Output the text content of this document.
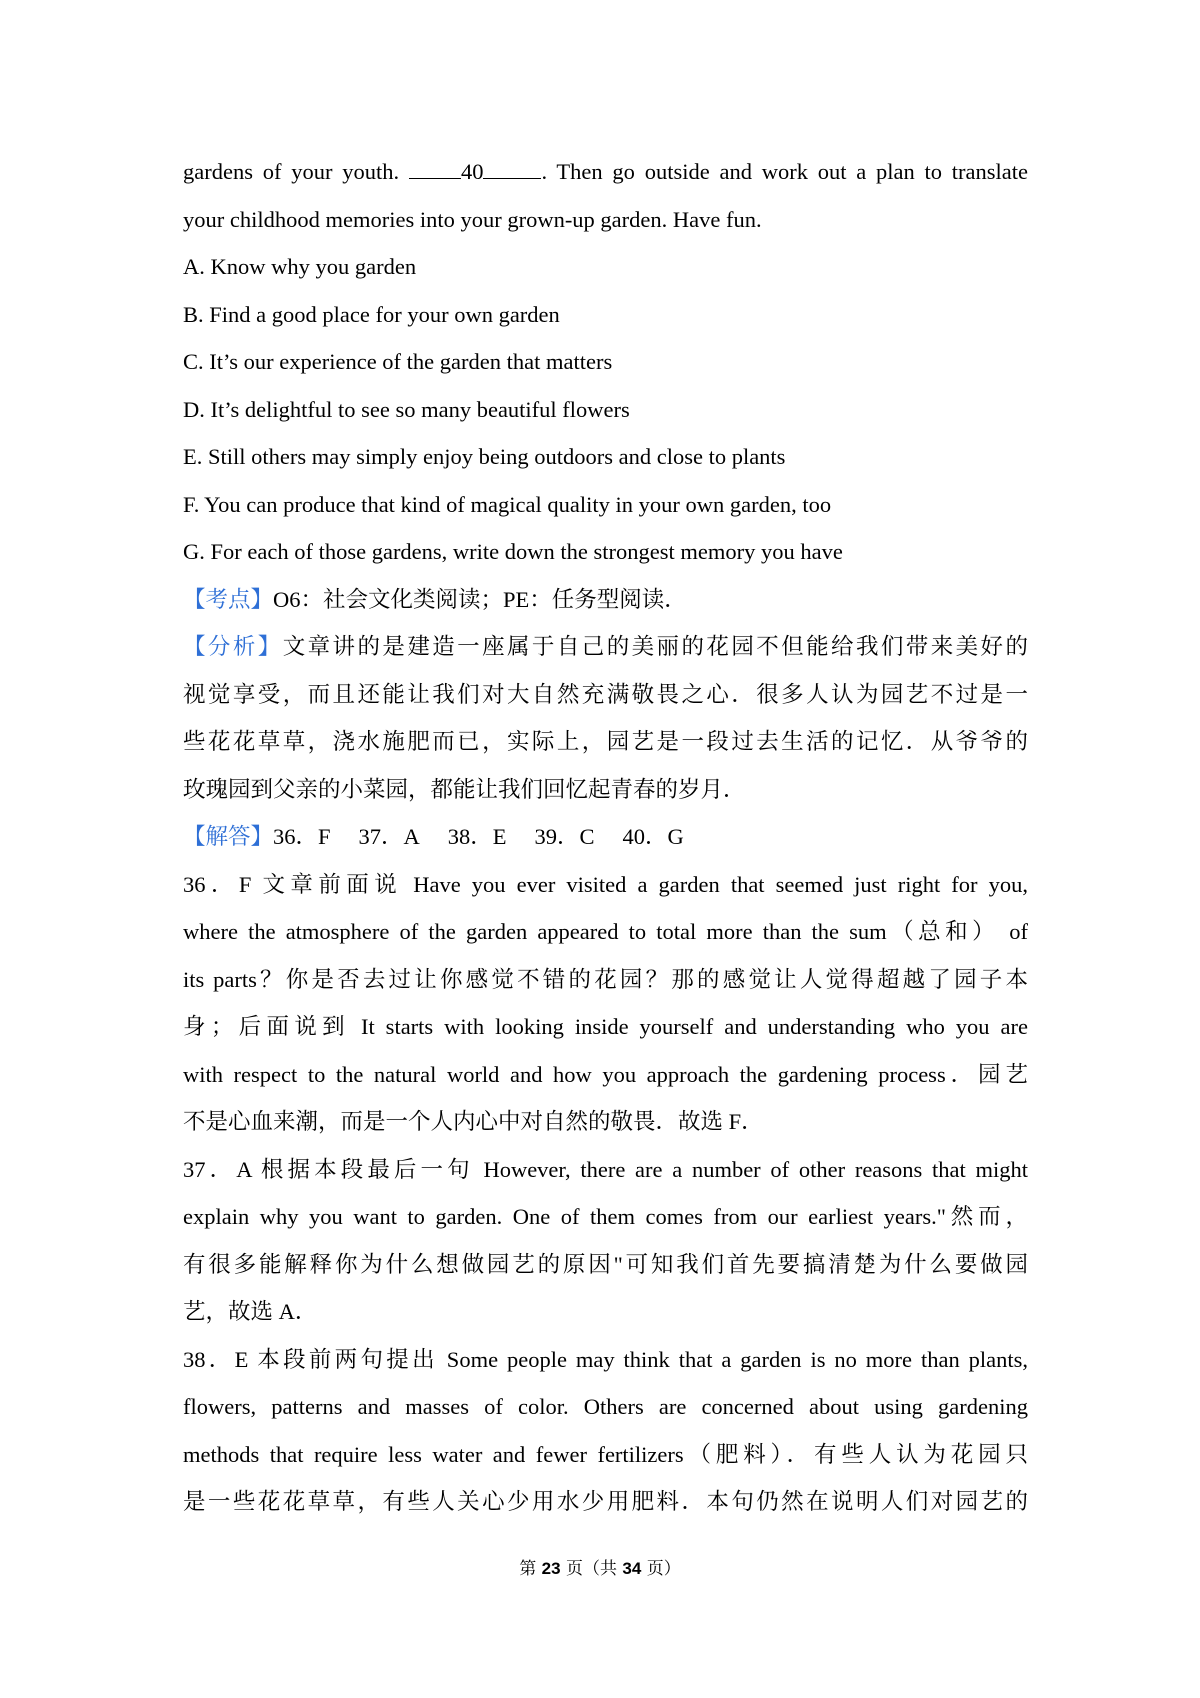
gardens of your youth.	40	. Then go outside and work out a plan to translate
your childhood memories into your grown-up garden. Have fun.
A. Know why you garden
B. Find a good place for your own garden
C. It’s our experience of the garden that matters
D. It’s delightful to see so many beautiful flowers
E. Still others may simply enjoy being outdoors and close to plants
F. You can produce that kind of magical quality in your own garden, too
G. For each of those gardens, write down the strongest memory you have
【考点】O6：社会文化类阅读；PE：任务型阅读．
【分析】文章讲的是建造一座属于自己的美丽的花园不但能给我们带来美好的
视觉享受，而且还能让我们对大自然充满敬畏之心．很多人认为园艺不过是一
些花花草草，浇水施肥而已，实际上，园艺是一段过去生活的记忆．从爷爷的
玫瑰园到父亲的小菜园，都能让我们回忆起青春的岁月．
【解答】36．F 37．A 38．E 39．C 40．G
36．F 文章前面说 Have you ever visited a garden that seemed just right for you,
where the atmosphere of the garden appeared to total more than the sum（总和） of
its parts？你是否去过让你感觉不错的花园？那的感觉让人觉得超越了园子本
身；后面说到 It starts with looking inside yourself and understanding who you are
with respect to the natural world and how you approach the gardening process．园艺
不是心血来潮，而是一个人内心中对自然的敬畏．故选 F．
37．A 根据本段最后一句 However, there are a number of other reasons that might
explain why you want to garden. One of them comes from our earliest years."然而，
有很多能解释你为什么想做园艺的原因"可知我们首先要搞清楚为什么要做园
艺，故选 A．
38．E 本段前两句提出 Some people may think that a garden is no more than plants,
flowers, patterns and masses of color. Others are concerned about using gardening
methods that require less water and fewer fertilizers（肥料）．有些人认为花园只
是一些花花草草，有些人关心少用水少用肥料．本句仍然在说明人们对园艺的
第 23 页（共 34 页）
